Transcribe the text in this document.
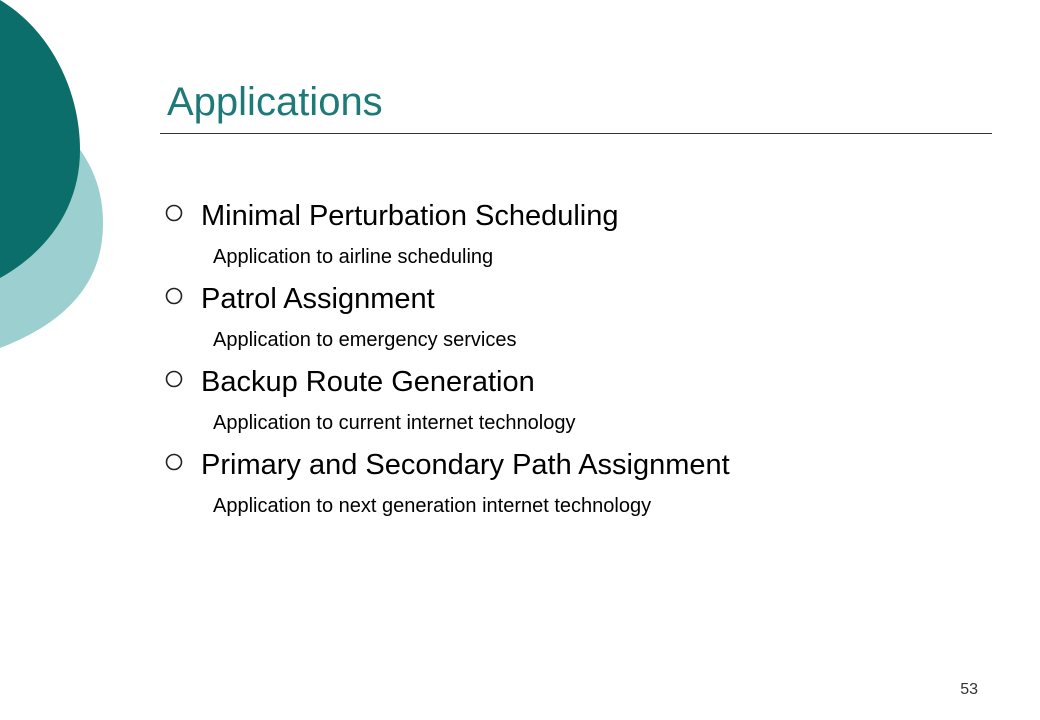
Applications
Minimal Perturbation Scheduling
Application to airline scheduling
Patrol Assignment
Application to emergency services
Backup Route Generation
Application to current internet technology
Primary and Secondary Path Assignment
Application to next generation internet technology
53
